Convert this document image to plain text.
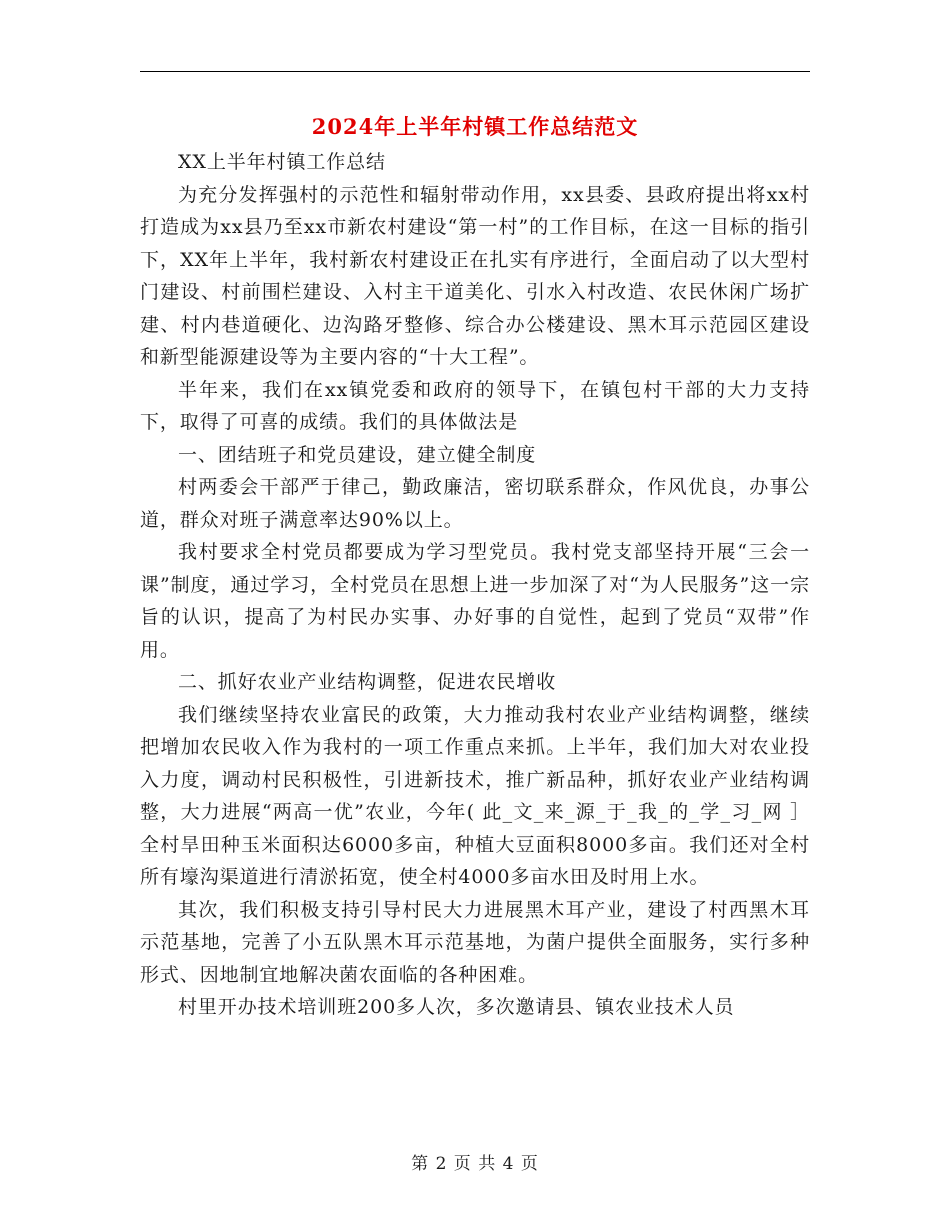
2024年上半年村镇工作总结范文

XX上半年村镇工作总结

为充分发挥强村的示范性和辐射带动作用，xx县委、县政府提出将xx村打造成为xx县乃至xx市新农村建设“第一村”的工作目标，在这一目标的指引下，XX年上半年，我村新农村建设正在扎实有序进行，全面启动了以大型村门建设、村前围栏建设、入村主干道美化、引水入村改造、农民休闲广场扩建、村内巷道硬化、边沟路牙整修、综合办公楼建设、黑木耳示范园区建设和新型能源建设等为主要内容的“十大工程”。

半年来，我们在xx镇党委和政府的领导下，在镇包村干部的大力支持下，取得了可喜的成绩。我们的具体做法是

一、团结班子和党员建设，建立健全制度

村两委会干部严于律己，勤政廉洁，密切联系群众，作风优良，办事公道，群众对班子满意率达90%以上。

我村要求全村党员都要成为学习型党员。我村党支部坚持开展“三会一课”制度，通过学习，全村党员在思想上进一步加深了对“为人民服务”这一宗旨的认识，提高了为村民办实事、办好事的自觉性，起到了党员“双带”作用。

二、抓好农业产业结构调整，促进农民增收

我们继续坚持农业富民的政策，大力推动我村农业产业结构调整，继续把增加农民收入作为我村的一项工作重点来抓。上半年，我们加大对农业投入力度，调动村民积极性，引进新技术，推广新品种，抓好农业产业结构调整，大力进展“两高一优”农业，今年( 此_文_来_源_于_我_的_学_习_网 ］全村旱田种玉米面积达6000多亩，种植大豆面积8000多亩。我们还对全村所有壕沟渠道进行清淤拓宽，使全村4000多亩水田及时用上水。

其次，我们积极支持引导村民大力进展黑木耳产业，建设了村西黑木耳示范基地，完善了小五队黑木耳示范基地，为菌户提供全面服务，实行多种形式、因地制宜地解决菌农面临的各种困难。

村里开办技术培训班200多人次，多次邀请县、镇农业技术人员

第 2 页 共 4 页
